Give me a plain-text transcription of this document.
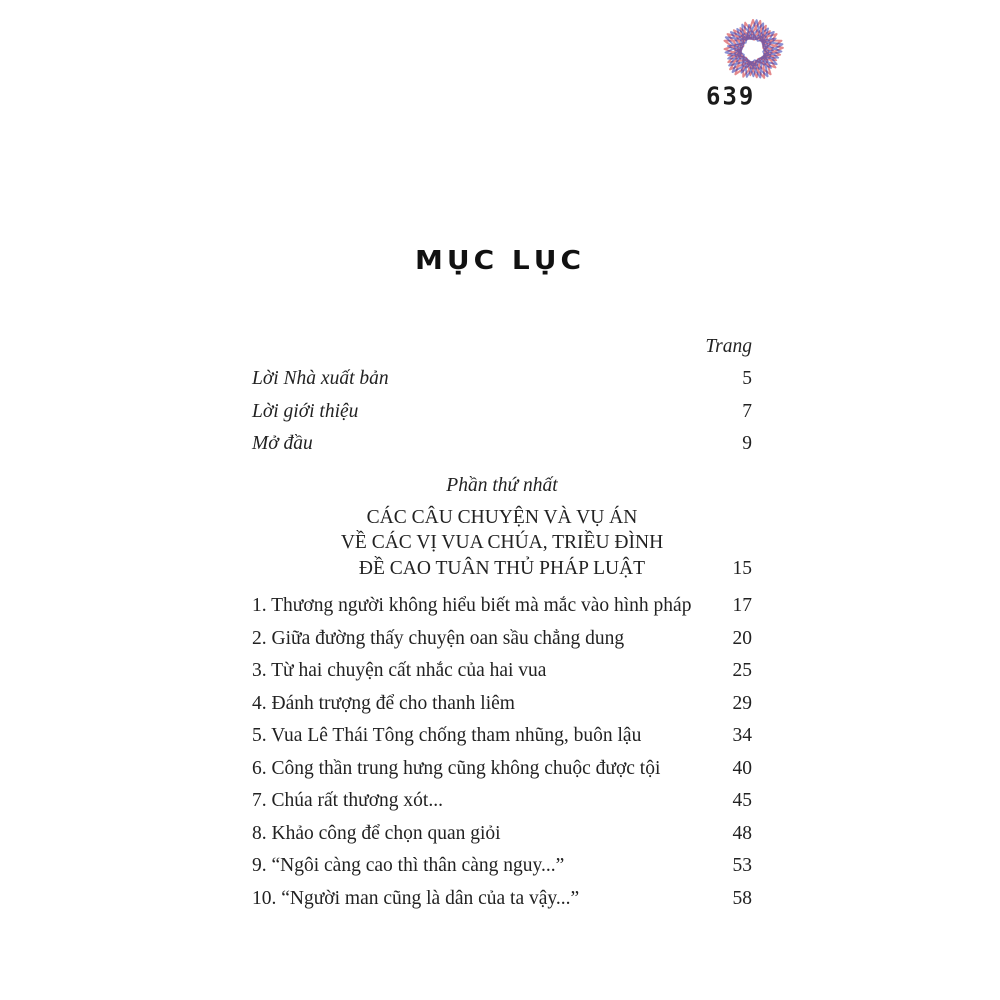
639
MỤC LỤC
Trang
Lời Nhà xuất bản	5
Lời giới thiệu	7
Mở đầu	9
Phần thứ nhất
CÁC CÂU CHUYỆN VÀ VỤ ÁN
VỀ CÁC VỊ VUA CHÚA, TRIỀU ĐÌNH
ĐỀ CAO TUÂN THỦ PHÁP LUẬT	15
1. Thương người không hiểu biết mà mắc vào hình pháp 17
2. Giữa đường thấy chuyện oan sầu chẳng dung	20
3. Từ hai chuyện cất nhắc của hai vua	25
4. Đánh trượng để cho thanh liêm	29
5. Vua Lê Thái Tông chống tham nhũng, buôn lậu	34
6. Công thần trung hưng cũng không chuộc được tội	40
7. Chúa rất thương xót...	45
8. Khảo công để chọn quan giỏi	48
9. “Ngôi càng cao thì thân càng nguy...”	53
10. “Người man cũng là dân của ta vậy...”	58
